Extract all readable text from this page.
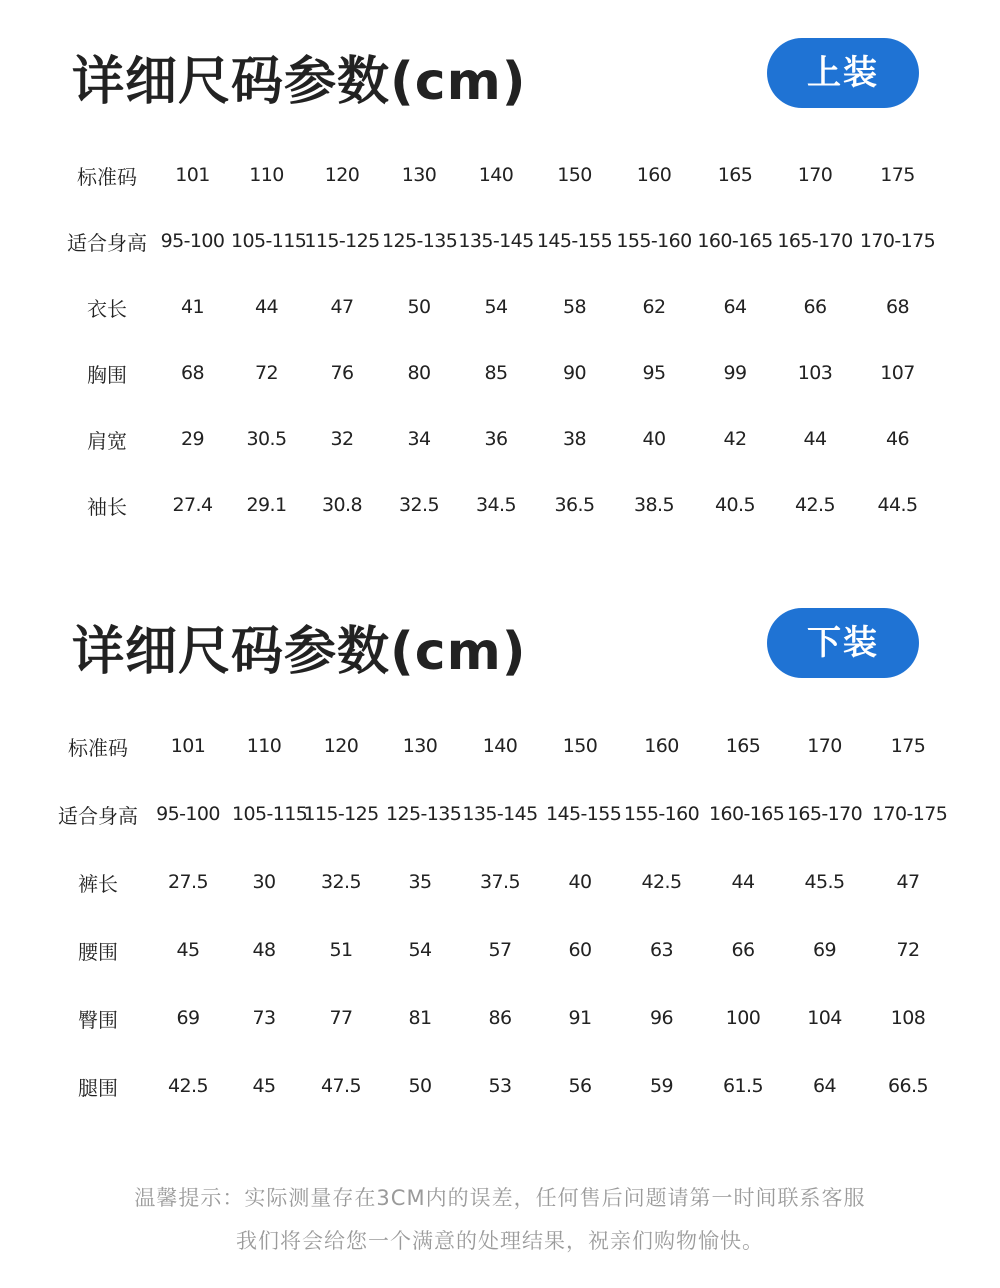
详细尺码参数(cm)	上装
标准码	101	110	120	130	140	150	160	165	170	175
适合身高	95-100	105-115	115-125	125-135	135-145	145-155	155-160	160-165	165-170	170-175
衣长	41	44	47	50	54	58	62	64	66	68
胸围	68	72	76	80	85	90	95	99	103	107
肩宽	29	30.5	32	34	36	38	40	42	44	46
袖长	27.4	29.1	30.8	32.5	34.5	36.5	38.5	40.5	42.5	44.5
详细尺码参数(cm)	下装
标准码	101	110	120	130	140	150	160	165	170	175
适合身高	95-100	105-115	115-125	125-135	135-145	145-155	155-160	160-165	165-170	170-175
裤长	27.5	30	32.5	35	37.5	40	42.5	44	45.5	47
腰围	45	48	51	54	57	60	63	66	69	72
臀围	69	73	77	81	86	91	96	100	104	108
腿围	42.5	45	47.5	50	53	56	59	61.5	64	66.5
温馨提示：实际测量存在3CM内的误差，任何售后问题请第一时间联系客服
我们将会给您一个满意的处理结果，祝亲们购物愉快。
